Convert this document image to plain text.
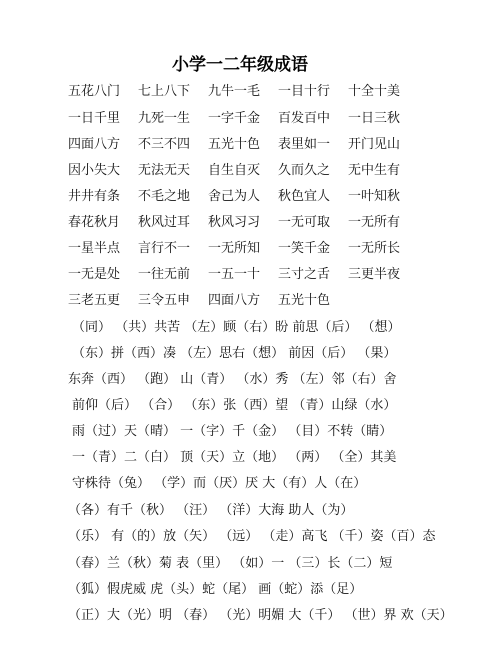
小学一二年级成语
五花八门 七上八下 九牛一毛 一目十行 十全十美
一日千里 九死一生 一字千金 百发百中 一日三秋
四面八方 不三不四 五光十色 表里如一 开门见山
因小失大 无法无天 自生自灭 久而久之 无中生有
井井有条 不毛之地 舍己为人 秋色宜人 一叶知秋
春花秋月 秋风过耳 秋风习习 一无可取 一无所有
一星半点 言行不一 一无所知 一笑千金 一无所长
一无是处 一往无前 一五一十 三寸之舌 三更半夜
三老五更 三令五申 四面八方 五光十色
（同） （共）共苦 （左）顾（右）盼 前思（后） （想）
（东）拼（西）凑 （左）思右（想） 前因（后） （果）
东奔（西） （跑） 山（青） （水）秀 （左）邻（右）舍
前仰（后） （合） （东）张（西）望 （青）山绿（水）
雨（过）天（晴） 一（字）千（金） （目）不转（睛）
一（青）二（白） 顶（天）立（地） （两） （全）其美
守株待（兔） （学）而（厌）厌 大（有）人（在）
（各）有千（秋） （汪） （洋）大海 助人（为）
（乐） 有（的）放（矢） （远） （走）高飞 （千）姿（百）态
（春）兰（秋）菊 表（里） （如）一 （三）长（二）短
（狐）假虎威 虎（头）蛇（尾） 画（蛇）添（足）
（正）大（光）明 （春） （光）明媚 大（千） （世）界 欢（天）
